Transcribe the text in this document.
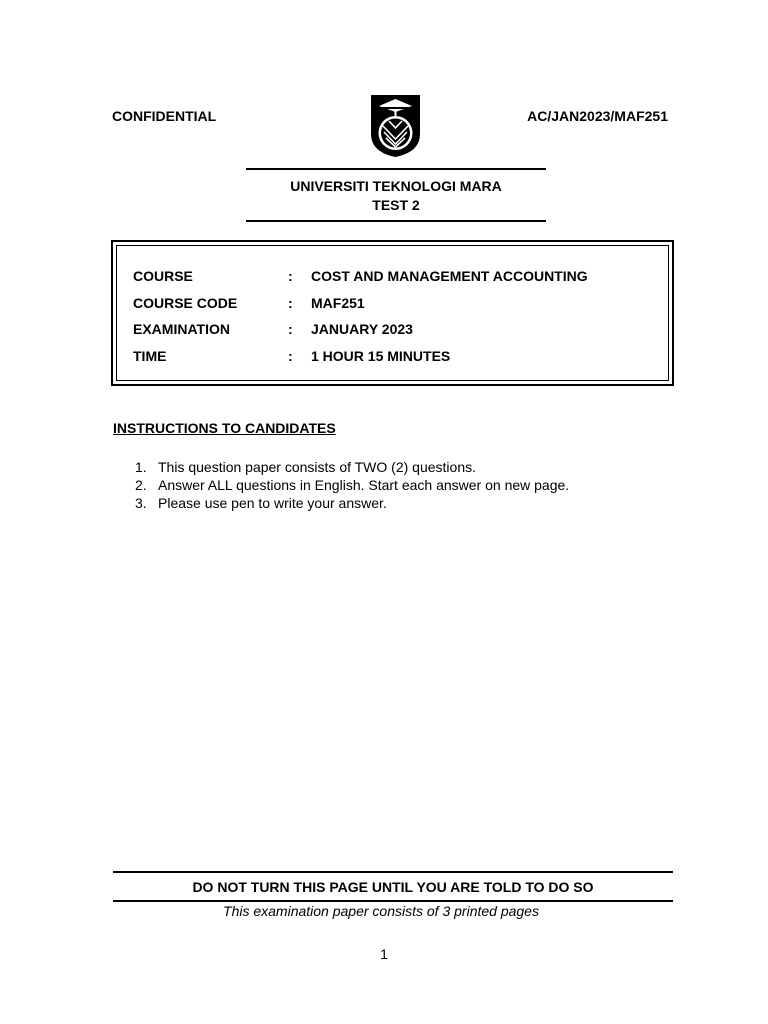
CONFIDENTIAL	AC/JAN2023/MAF251
UNIVERSITI TEKNOLOGI MARA
TEST 2
COURSE	:	COST AND MANAGEMENT ACCOUNTING
COURSE CODE	:	MAF251
EXAMINATION	:	JANUARY 2023
TIME	:	1 HOUR 15 MINUTES
INSTRUCTIONS TO CANDIDATES
1. This question paper consists of TWO (2) questions.
2. Answer ALL questions in English. Start each answer on new page.
3. Please use pen to write your answer.
DO NOT TURN THIS PAGE UNTIL YOU ARE TOLD TO DO SO
This examination paper consists of 3 printed pages
1
